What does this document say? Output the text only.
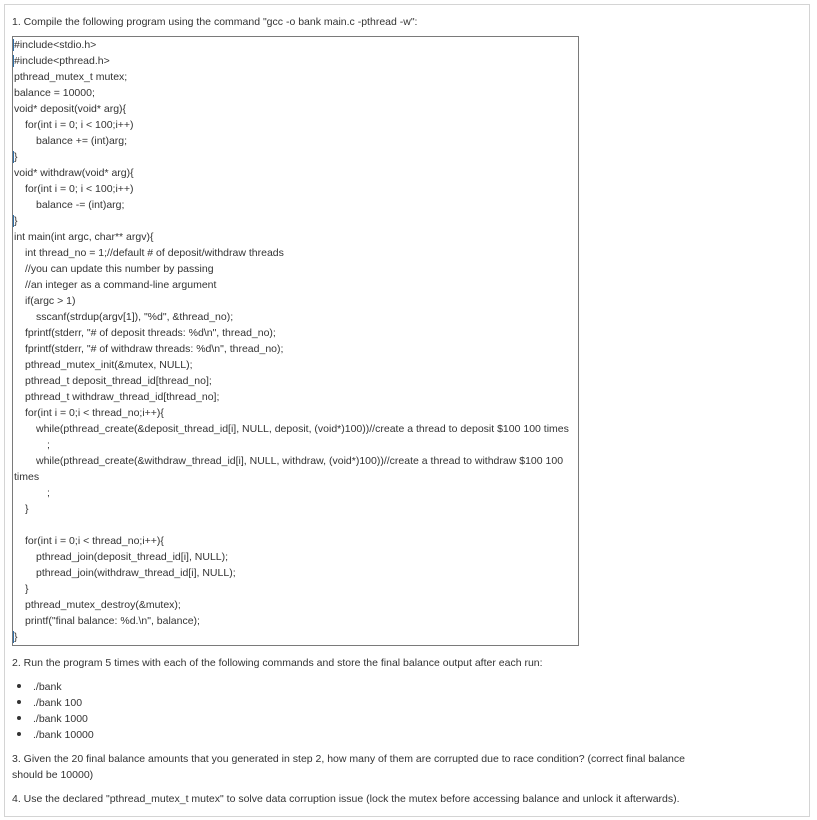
1. Compile the following program using the command "gcc -o bank main.c -pthread -w":
#include<stdio.h>
#include<pthread.h>
pthread_mutex_t mutex;
balance = 10000;
void* deposit(void* arg){
for(int i = 0; i < 100;i++)
balance += (int)arg;
}
void* withdraw(void* arg){
for(int i = 0; i < 100;i++)
balance -= (int)arg;
}
int main(int argc, char** argv){
int thread_no = 1;//default # of deposit/withdraw threads
//you can update this number by passing
//an integer as a command-line argument
if(argc > 1)
sscanf(strdup(argv[1]), "%d", &thread_no);
fprintf(stderr, "# of deposit threads: %d\n", thread_no);
fprintf(stderr, "# of withdraw threads: %d\n", thread_no);
pthread_mutex_init(&mutex, NULL);
pthread_t deposit_thread_id[thread_no];
pthread_t withdraw_thread_id[thread_no];
for(int i = 0;i < thread_no;i++){
while(pthread_create(&deposit_thread_id[i], NULL, deposit, (void*)100))//create a thread to deposit $100 100 times
;
while(pthread_create(&withdraw_thread_id[i], NULL, withdraw, (void*)100))//create a thread to withdraw $100 100
times
;
}
for(int i = 0;i < thread_no;i++){
pthread_join(deposit_thread_id[i], NULL);
pthread_join(withdraw_thread_id[i], NULL);
}
pthread_mutex_destroy(&mutex);
printf("final balance: %d.\n", balance);
}
2. Run the program 5 times with each of the following commands and store the final balance output after each run:
./bank
./bank 100
./bank 1000
./bank 10000
3. Given the 20 final balance amounts that you generated in step 2, how many of them are corrupted due to race condition? (correct final balance
should be 10000)
4. Use the declared "pthread_mutex_t mutex" to solve data corruption issue (lock the mutex before accessing balance and unlock it afterwards).
